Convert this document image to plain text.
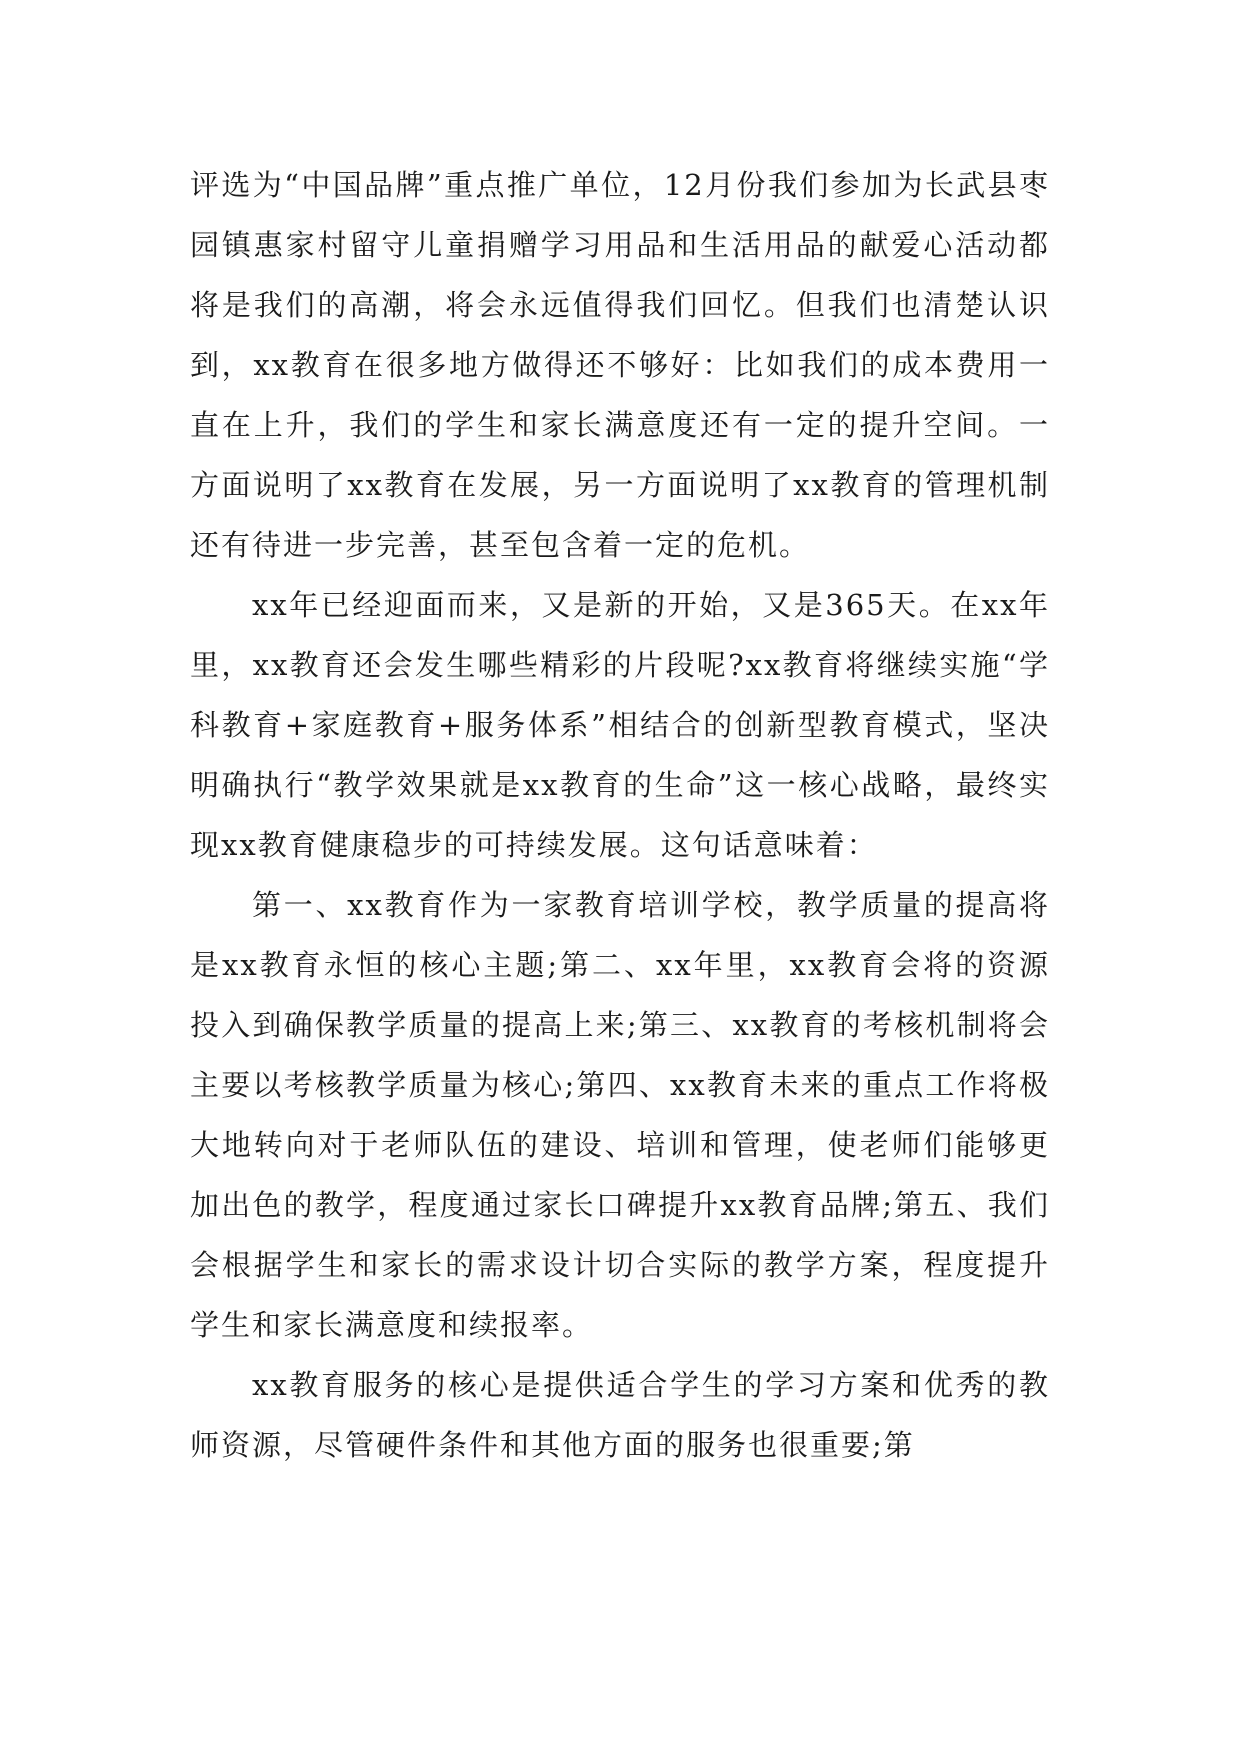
评选为“中国品牌”重点推广单位，12月份我们参加为长武县枣园镇惠家村留守儿童捐赠学习用品和生活用品的献爱心活动都将是我们的高潮，将会永远值得我们回忆。但我们也清楚认识到，xx教育在很多地方做得还不够好：比如我们的成本费用一直在上升，我们的学生和家长满意度还有一定的提升空间。一方面说明了xx教育在发展，另一方面说明了xx教育的管理机制还有待进一步完善，甚至包含着一定的危机。

xx年已经迎面而来，又是新的开始，又是365天。在xx年里，xx教育还会发生哪些精彩的片段呢?xx教育将继续实施“学科教育+家庭教育+服务体系”相结合的创新型教育模式，坚决明确执行“教学效果就是xx教育的生命”这一核心战略，最终实现xx教育健康稳步的可持续发展。这句话意味着：

第一、xx教育作为一家教育培训学校，教学质量的提高将是xx教育永恒的核心主题;第二、xx年里，xx教育会将的资源投入到确保教学质量的提高上来;第三、xx教育的考核机制将会主要以考核教学质量为核心;第四、xx教育未来的重点工作将极大地转向对于老师队伍的建设、培训和管理，使老师们能够更加出色的教学，程度通过家长口碑提升xx教育品牌;第五、我们会根据学生和家长的需求设计切合实际的教学方案，程度提升学生和家长满意度和续报率。

xx教育服务的核心是提供适合学生的学习方案和优秀的教师资源，尽管硬件条件和其他方面的服务也很重要;第
